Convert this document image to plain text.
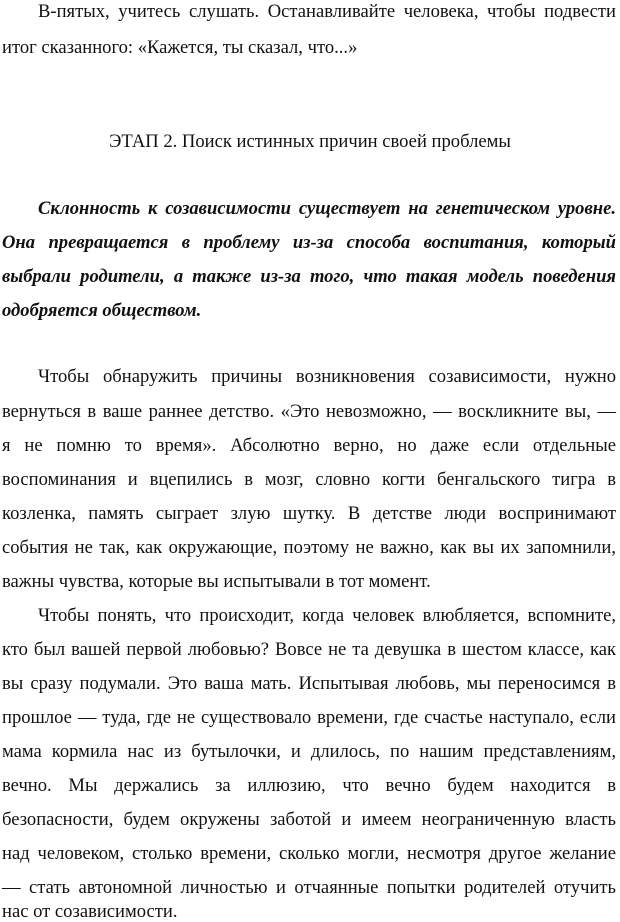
В-пятых, учитесь слушать. Останавливайте человека, чтобы подвести
итог сказанного: «Кажется, ты сказал, что...»
ЭТАП 2. Поиск истинных причин своей проблемы
Склонность к созависимости существует на генетическом уровне.
Она превращается в проблему из-за способа воспитания, который
выбрали родители, а также из-за того, что такая модель поведения
одобряется обществом.
Чтобы обнаружить причины возникновения созависимости, нужно
вернуться в ваше раннее детство. «Это невозможно, — воскликните вы, —
я не помню то время». Абсолютно верно, но даже если отдельные
воспоминания и вцепились в мозг, словно когти бенгальского тигра в
козленка, память сыграет злую шутку. В детстве люди воспринимают
события не так, как окружающие, поэтому не важно, как вы их запомнили,
важны чувства, которые вы испытывали в тот момент.
Чтобы понять, что происходит, когда человек влюбляется, вспомните,
кто был вашей первой любовью? Вовсе не та девушка в шестом классе, как
вы сразу подумали. Это ваша мать. Испытывая любовь, мы переносимся в
прошлое — туда, где не существовало времени, где счастье наступало, если
мама кормила нас из бутылочки, и длилось, по нашим представлениям,
вечно. Мы держались за иллюзию, что вечно будем находится в
безопасности, будем окружены заботой и имеем неограниченную власть
над человеком, столько времени, сколько могли, несмотря другое желание
— стать автономной личностью и отчаянные попытки родителей отучить
нас от созависимости.
